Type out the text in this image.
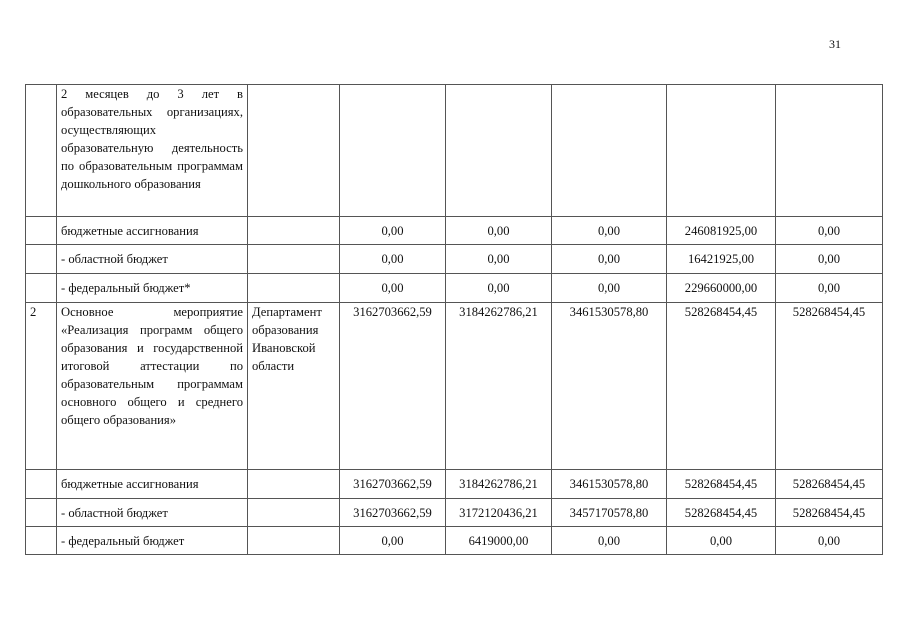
31
	2 месяцев до 3 лет в образовательных организациях, осуществляющих образовательную деятельность по образовательным программам дошкольного образования						
	бюджетные ассигнования		0,00	0,00	0,00	246081925,00	0,00
	- областной бюджет		0,00	0,00	0,00	16421925,00	0,00
	- федеральный бюджет*		0,00	0,00	0,00	229660000,00	0,00
2	Основное мероприятие «Реализация программ общего образования и государственной итоговой аттестации по образовательным программам основного общего и среднего общего образования»	Департамент образования Ивановской области	3162703662,59	3184262786,21	3461530578,80	528268454,45	528268454,45
	бюджетные ассигнования		3162703662,59	3184262786,21	3461530578,80	528268454,45	528268454,45
	- областной бюджет		3162703662,59	3172120436,21	3457170578,80	528268454,45	528268454,45
	- федеральный бюджет		0,00	6419000,00	0,00	0,00	0,00
